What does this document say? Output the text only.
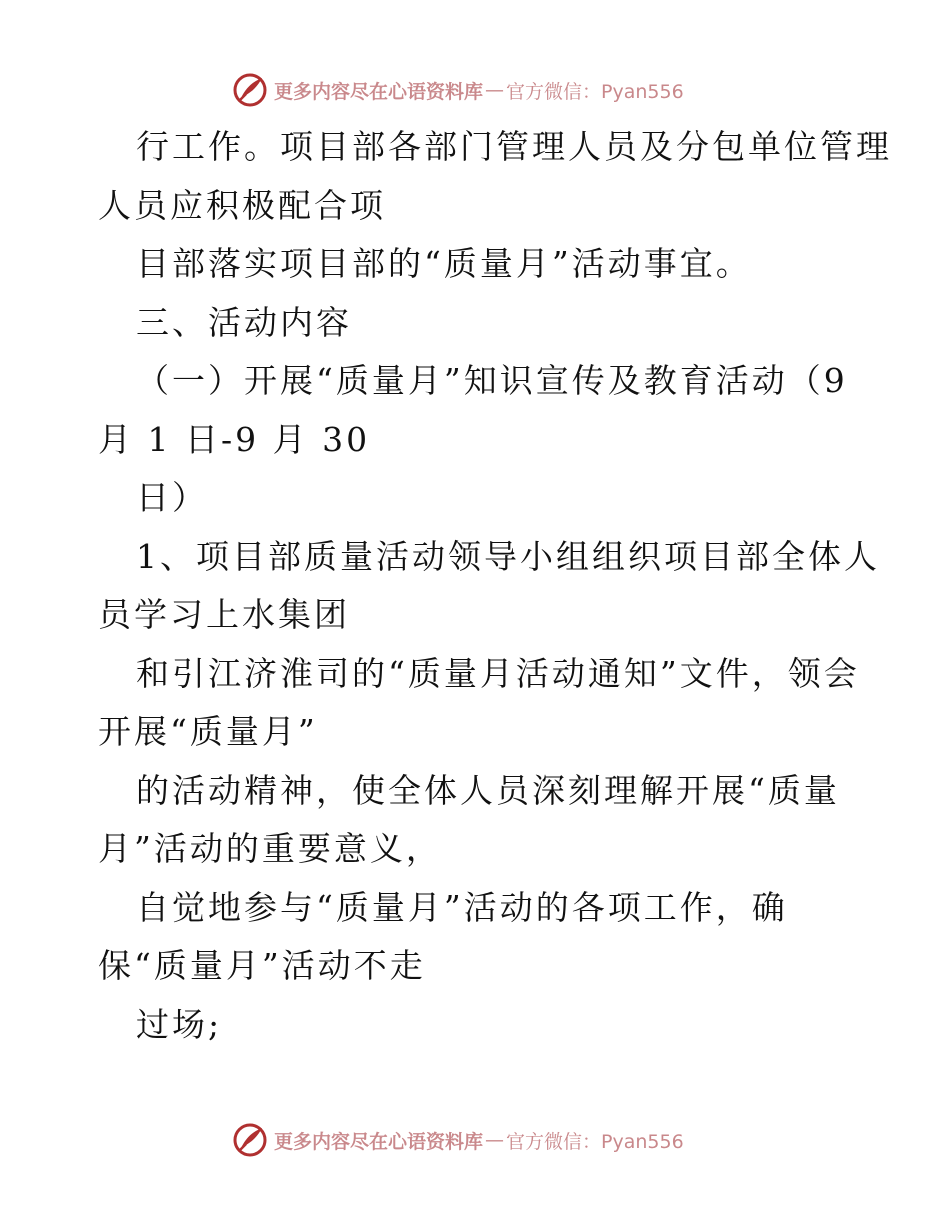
更多内容尽在心语资料库 — 官方微信：Pyan556
行工作。项目部各部门管理人员及分包单位管理
人员应积极配合项
目部落实项目部的“质量月”活动事宜。
三、活动内容
（一）开展“质量月”知识宣传及教育活动（9
月 1 日-9 月 30
日）
1、项目部质量活动领导小组组织项目部全体人
员学习上水集团
和引江济淮司的“质量月活动通知”文件，领会
开展“质量月”
的活动精神，使全体人员深刻理解开展“质量
月”活动的重要意义，
自觉地参与“质量月”活动的各项工作，确
保“质量月”活动不走
过场;
更多内容尽在心语资料库 — 官方微信：Pyan556
